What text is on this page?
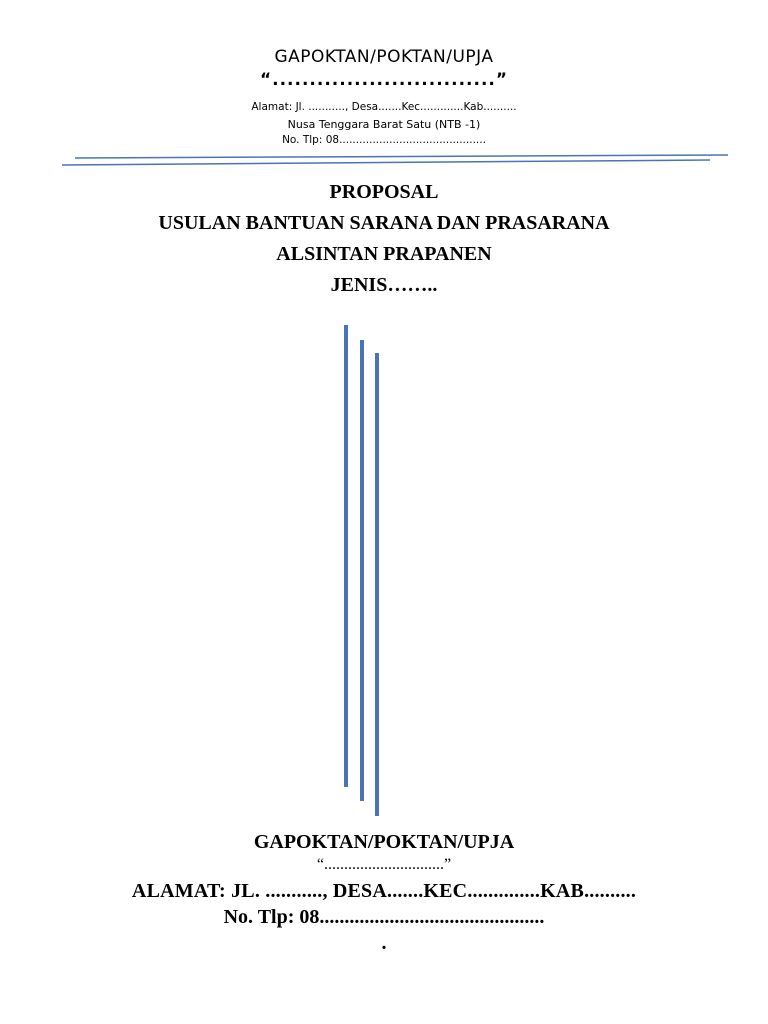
GAPOKTAN/POKTAN/UPJA
“..............................”
Alamat: Jl. ..........., Desa.......Kec.............Kab..........
Nusa Tenggara Barat Satu (NTB -1)
No. Tlp: 08............................................
PROPOSAL
USULAN BANTUAN SARANA DAN PRASARANA
ALSINTAN PRAPANEN
JENIS……..
GAPOKTAN/POKTAN/UPJA
“..............................”
ALAMAT: JL. ..........., DESA.......KEC..............KAB..........
No. Tlp: 08.............................................
.
